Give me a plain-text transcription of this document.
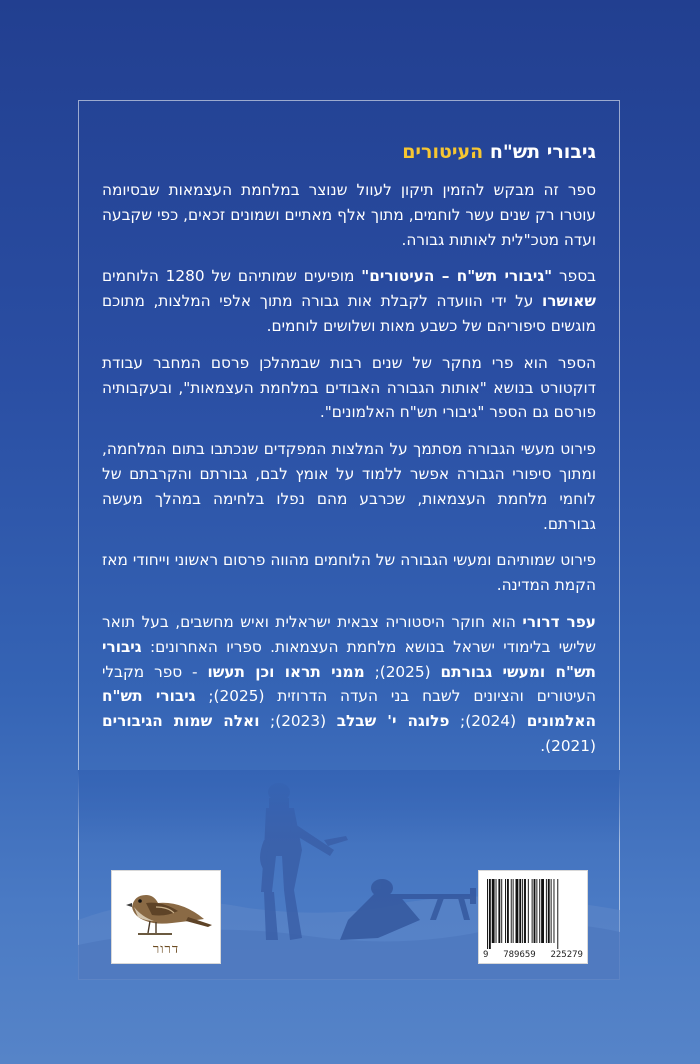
גיבורי תש"ח העיטורים

ספר זה מבקש להזמין תיקון לעוול שנוצר במלחמת העצמאות שבסיומה עוטרו רק שנים עשר לוחמים, מתוך אלף מאתיים ושמונים זכאים, כפי שקבעה ועדה מטכ"לית לאותות גבורה.

בספר "גיבורי תש"ח – העיטורים" מופיעים שמותיהם של 1280 הלוחמים שאושרו על ידי הוועדה לקבלת אות גבורה מתוך אלפי המלצות, מתוכם מוגשים סיפוריהם של כשבע מאות ושלושים לוחמים.

הספר הוא פרי מחקר של שנים רבות שבמהלכן פרסם המחבר עבודת דוקטורט בנושא "אותות הגבורה האבודים במלחמת העצמאות", ובעקבותיה פורסם גם הספר "גיבורי תש"ח האלמונים".

פירוט מעשי הגבורה מסתמך על המלצות המפקדים שנכתבו בתום המלחמה, ומתוך סיפורי הגבורה אפשר ללמוד על אומץ לבם, גבורתם והקרבתם של לוחמי מלחמת העצמאות, שכרבע מהם נפלו בלחימה במהלך מעשה גבורתם.

פירוט שמותיהם ומעשי הגבורה של הלוחמים מהווה פרסום ראשוני וייחודי מאז הקמת המדינה.

עפר דרורי הוא חוקר היסטוריה צבאית ישראלית ואיש מחשבים, בעל תואר שלישי בלימודי ישראל בנושא מלחמת העצמאות. ספריו האחרונים: גיבורי תש"ח ומעשי גבורתם (2025); ממני תראו וכן תעשו - ספר מקבלי העיטורים והציונים לשבח בני העדה הדרוזית (2025); גיבורי תש"ח האלמונים (2024); פלוגה י' שבלב (2023); ואלה שמות הגיבורים (2021).

דרור	9 789659 225279
